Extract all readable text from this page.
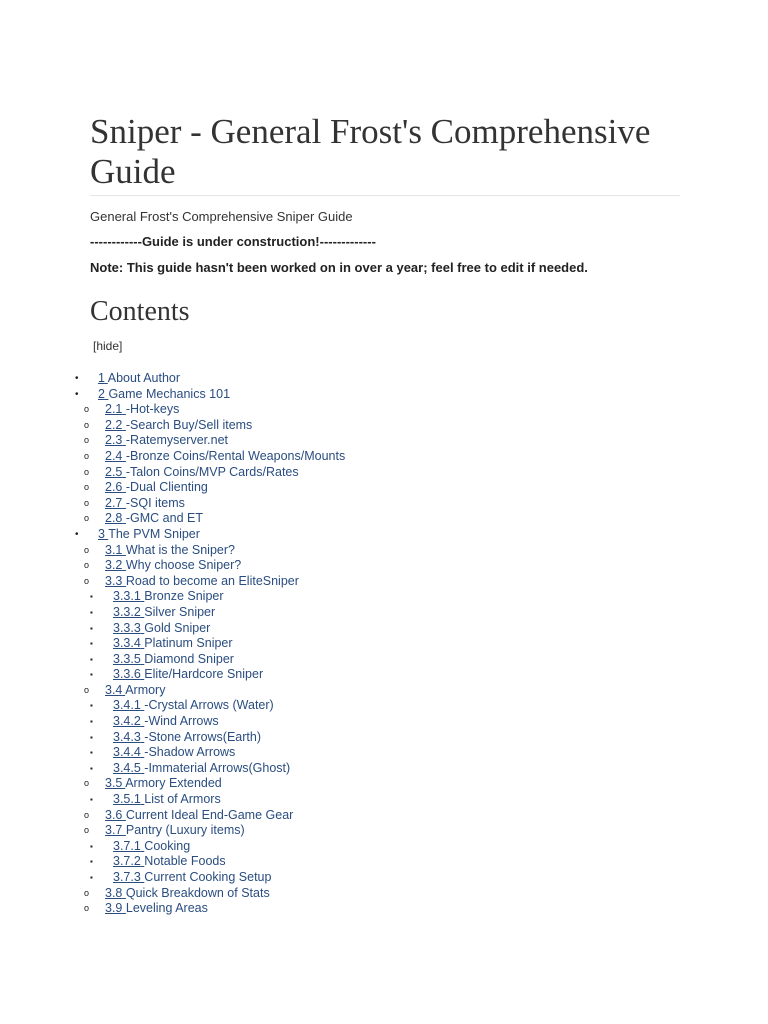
Sniper - General Frost's Comprehensive Guide

General Frost's Comprehensive Sniper Guide

------------Guide is under construction!-------------

Note: This guide hasn't been worked on in over a year; feel free to edit if needed.

Contents
[hide]
• 1 About Author
• 2 Game Mechanics 101
o 2.1 -Hot-keys
o 2.2 -Search Buy/Sell items
o 2.3 -Ratemyserver.net
o 2.4 -Bronze Coins/Rental Weapons/Mounts
o 2.5 -Talon Coins/MVP Cards/Rates
o 2.6 -Dual Clienting
o 2.7 -SQI items
o 2.8 -GMC and ET
• 3 The PVM Sniper
o 3.1 What is the Sniper?
o 3.2 Why choose Sniper?
o 3.3 Road to become an EliteSniper
▪ 3.3.1 Bronze Sniper
▪ 3.3.2 Silver Sniper
▪ 3.3.3 Gold Sniper
▪ 3.3.4 Platinum Sniper
▪ 3.3.5 Diamond Sniper
▪ 3.3.6 Elite/Hardcore Sniper
o 3.4 Armory
▪ 3.4.1 -Crystal Arrows (Water)
▪ 3.4.2 -Wind Arrows
▪ 3.4.3 -Stone Arrows(Earth)
▪ 3.4.4 -Shadow Arrows
▪ 3.4.5 -Immaterial Arrows(Ghost)
o 3.5 Armory Extended
▪ 3.5.1 List of Armors
o 3.6 Current Ideal End-Game Gear
o 3.7 Pantry (Luxury items)
▪ 3.7.1 Cooking
▪ 3.7.2 Notable Foods
▪ 3.7.3 Current Cooking Setup
o 3.8 Quick Breakdown of Stats
o 3.9 Leveling Areas
